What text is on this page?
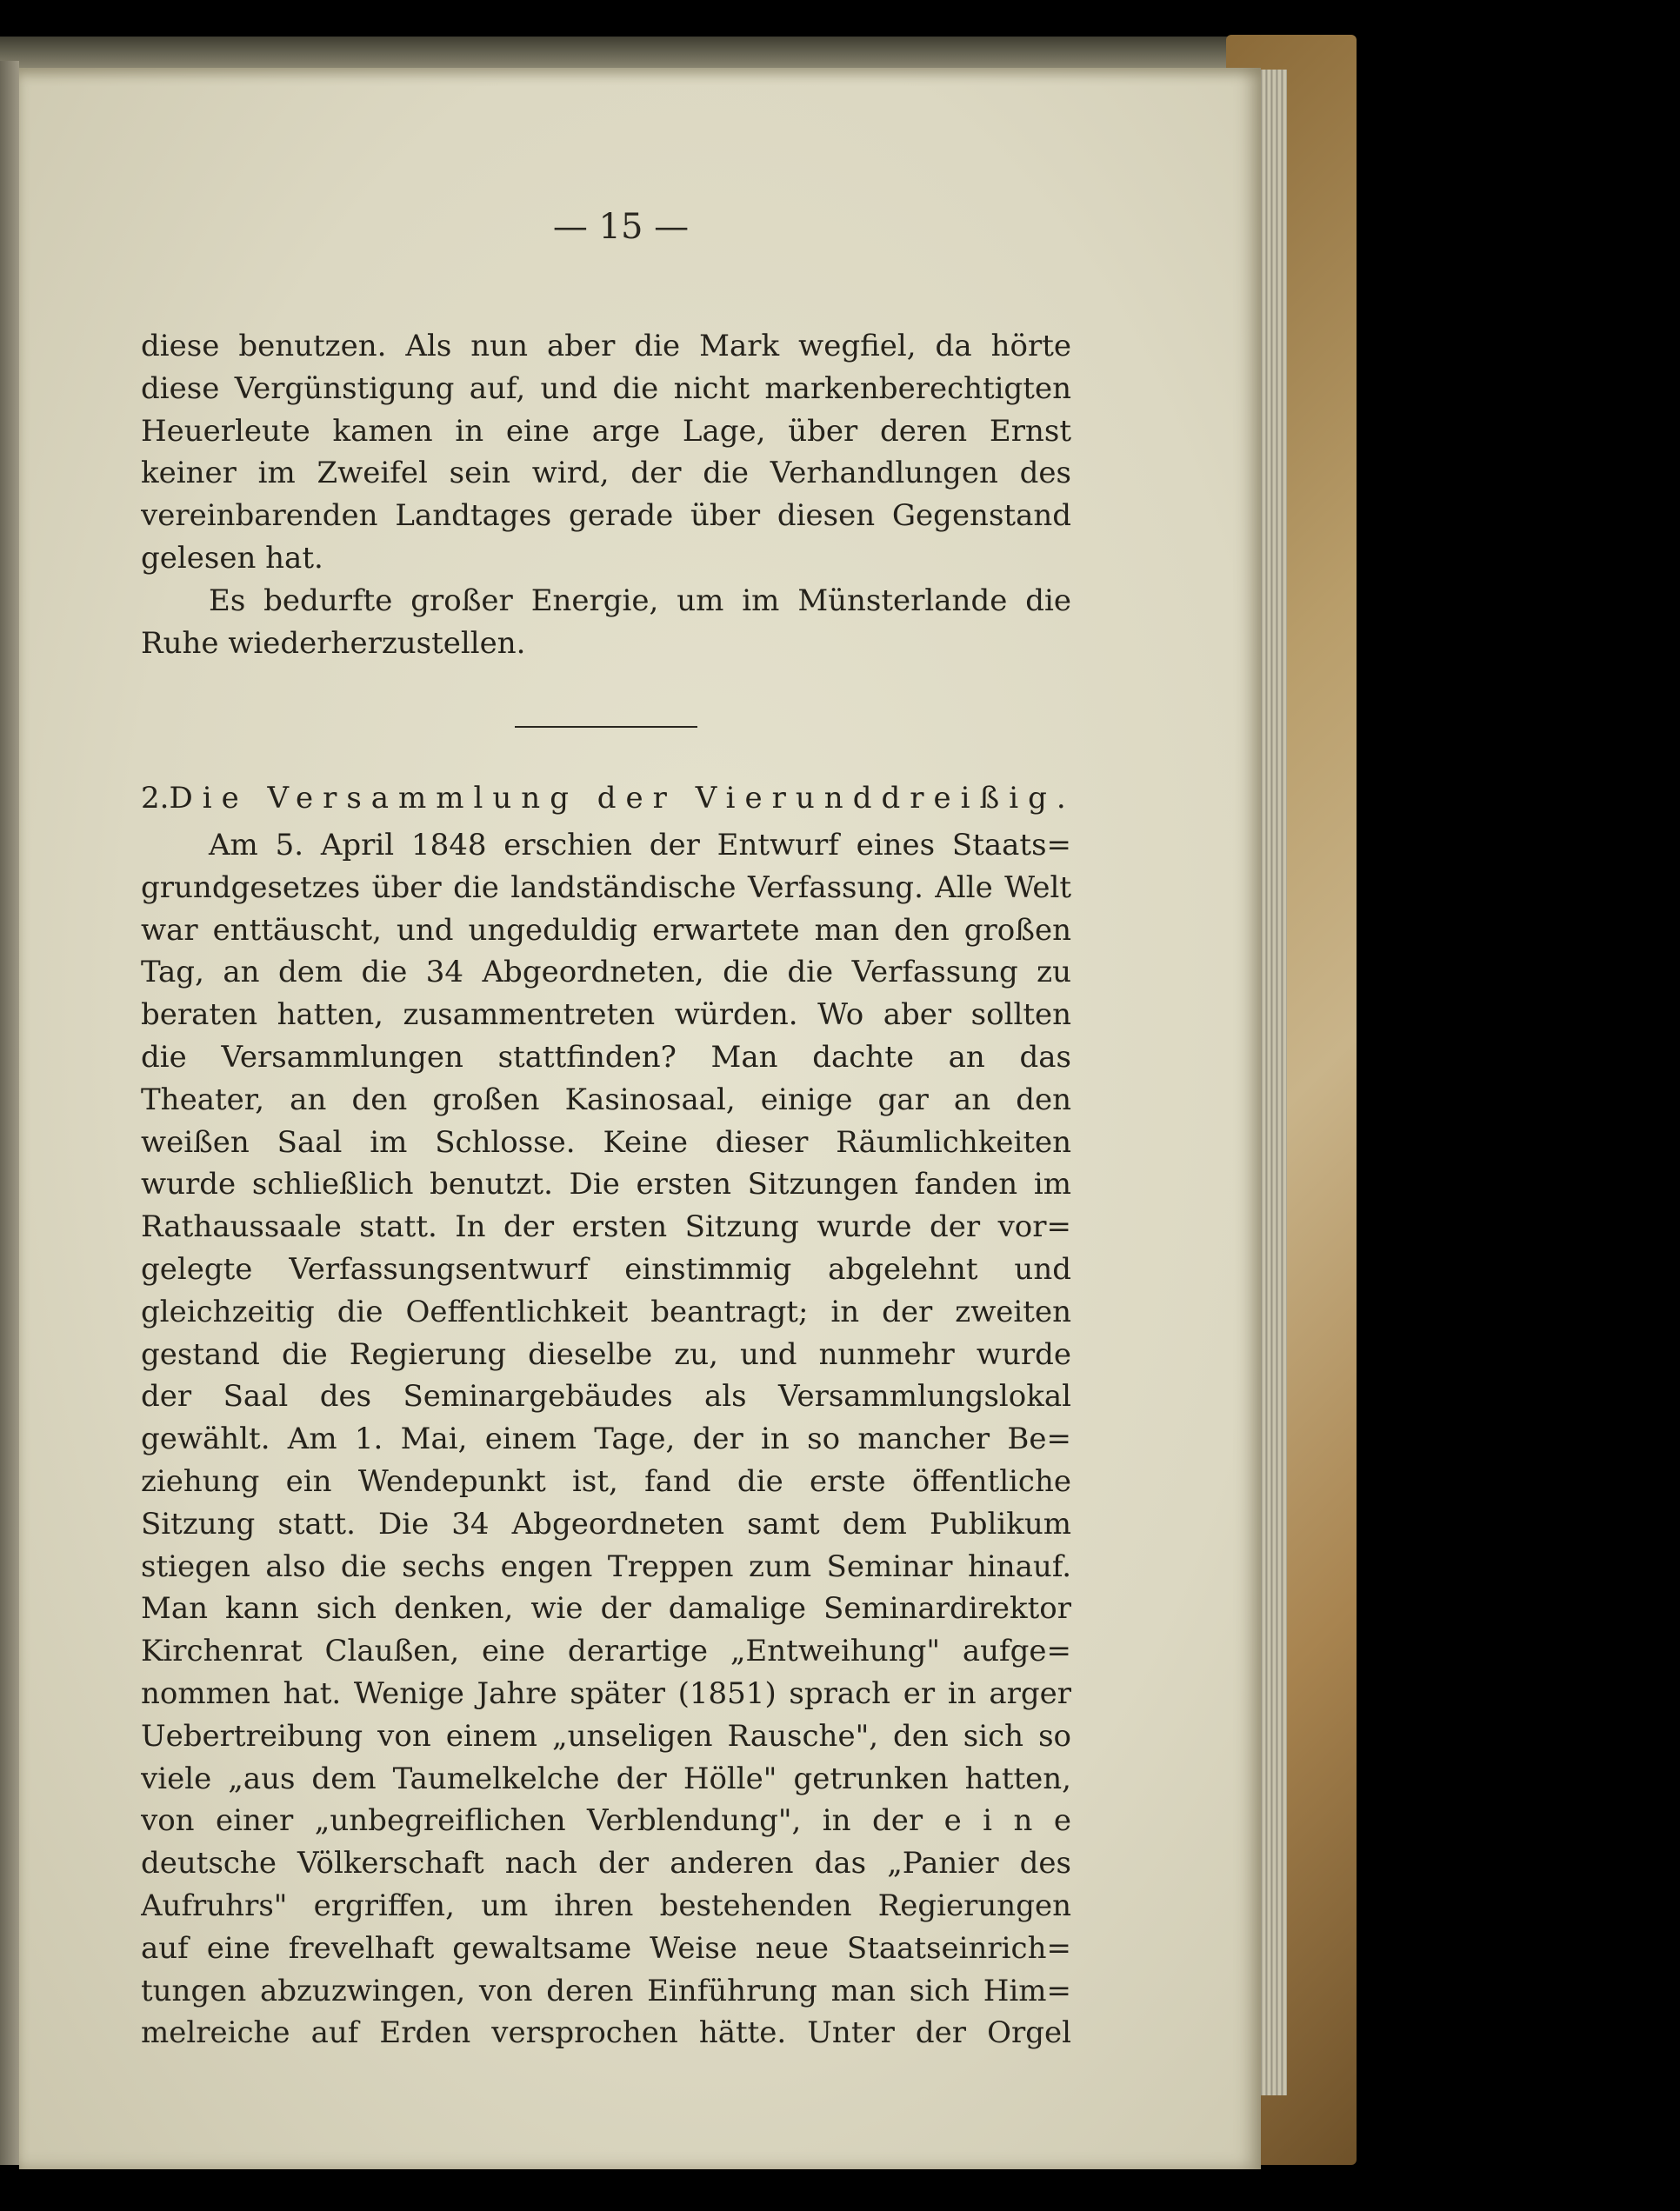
— 15 —
diese benutzen. Als nun aber die Mark wegfiel, da hörte
diese Vergünstigung auf, und die nicht markenberechtigten
Heuerleute kamen in eine arge Lage, über deren Ernst
keiner im Zweifel sein wird, der die Verhandlungen des
vereinbarenden Landtages gerade über diesen Gegenstand
gelesen hat.
Es bedurfte großer Energie, um im Münsterlande die
Ruhe wiederherzustellen.
2. Die Versammlung der Vierunddreißig.
Am 5. April 1848 erschien der Entwurf eines Staats=
grundgesetzes über die landständische Verfassung. Alle Welt
war enttäuscht, und ungeduldig erwartete man den großen
Tag, an dem die 34 Abgeordneten, die die Verfassung zu
beraten hatten, zusammentreten würden. Wo aber sollten
die Versammlungen stattfinden? Man dachte an das
Theater, an den großen Kasinosaal, einige gar an den
weißen Saal im Schlosse. Keine dieser Räumlichkeiten
wurde schließlich benutzt. Die ersten Sitzungen fanden im
Rathaussaale statt. In der ersten Sitzung wurde der vor=
gelegte Verfassungsentwurf einstimmig abgelehnt und
gleichzeitig die Oeffentlichkeit beantragt; in der zweiten
gestand die Regierung dieselbe zu, und nunmehr wurde
der Saal des Seminargebäudes als Versammlungslokal
gewählt. Am 1. Mai, einem Tage, der in so mancher Be=
ziehung ein Wendepunkt ist, fand die erste öffentliche
Sitzung statt. Die 34 Abgeordneten samt dem Publikum
stiegen also die sechs engen Treppen zum Seminar hinauf.
Man kann sich denken, wie der damalige Seminardirektor
Kirchenrat Claußen, eine derartige „Entweihung" aufge=
nommen hat. Wenige Jahre später (1851) sprach er in arger
Uebertreibung von einem „unseligen Rausche", den sich so
viele „aus dem Taumelkelche der Hölle" getrunken hatten,
von einer „unbegreiflichen Verblendung", in der e i n e
deutsche Völkerschaft nach der anderen das „Panier des
Aufruhrs" ergriffen, um ihren bestehenden Regierungen
auf eine frevelhaft gewaltsame Weise neue Staatseinrich=
tungen abzuzwingen, von deren Einführung man sich Him=
melreiche auf Erden versprochen hätte. Unter der Orgel
